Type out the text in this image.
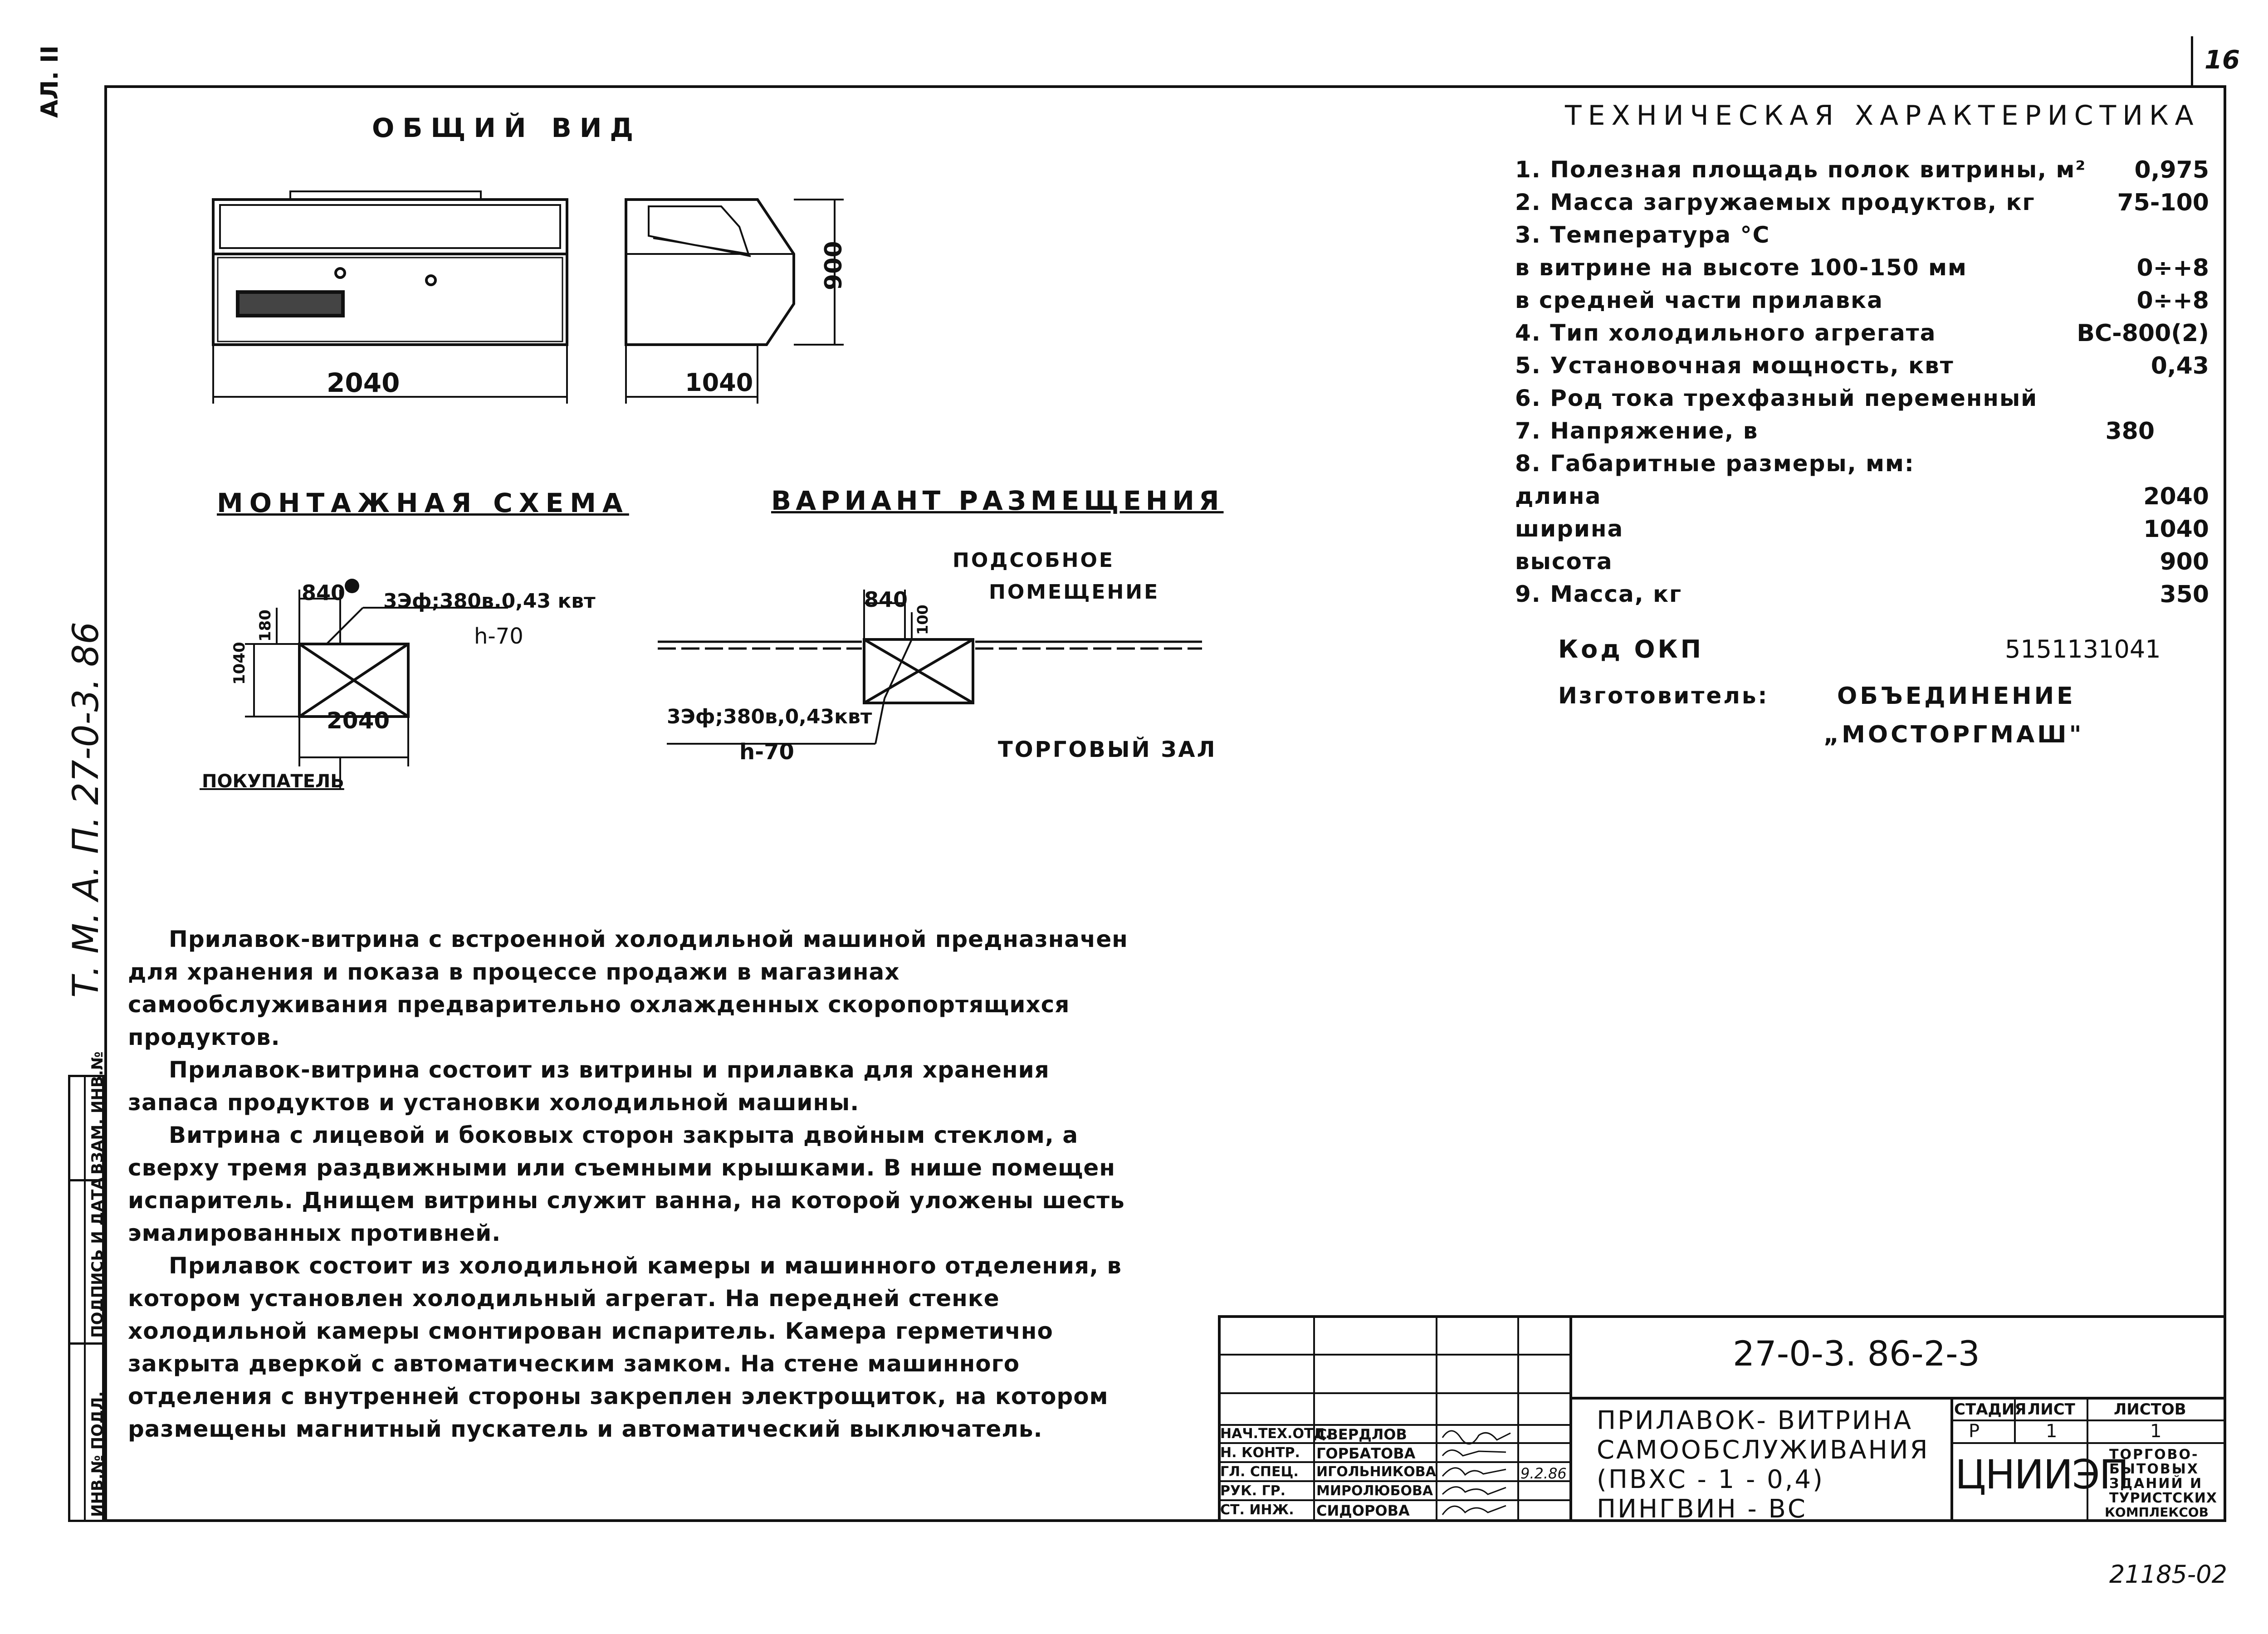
16
АЛ. II
Т. М. А. П. 27-0-3. 86
ВЗАМ. ИНВ.№
ПОДПИСЬ И ДАТА
ИНВ.№ ПОДЛ.
ОБЩИЙ ВИД
2040	1040
900
МОНТАЖНАЯ СХЕМА
840
180
1040
2040
3Эф;380в.0,43 квт
h-70
ПОКУПАТЕЛЬ
ВАРИАНТ РАЗМЕЩЕНИЯ
840
100
ПОДСОБНОЕ
ПОМЕЩЕНИЕ
3Эф;380в,0,43квт
h-70	ТОРГОВЫЙ ЗАЛ
ТЕХНИЧЕСКАЯ ХАРАКТЕРИСТИКА
1. Полезная площадь полок витрины, м² 0,975
2. Масса загружаемых продуктов, кг	75-100
3. Температура °С
в витрине на высоте 100-150 мм	0÷+8
в средней части прилавка	0÷+8
4. Тип холодильного агрегата	ВС-800(2)
5. Установочная мощность, квт	0,43
6. Род тока трехфазный переменный
7. Напряжение, в	380
8. Габаритные размеры, мм:
длина	2040
ширина	1040
высота	900
9. Масса, кг	350
Код ОКП	5151131041
Изготовитель:	ОБЪЕДИНЕНИЕ
„МОСТОРГМАШ"

Прилавок-витрина с встроенной холодильной машиной предназначен для хранения и показа в процессе продажи в магазинах самообслуживания предварительно охлажденных скоропортящихся продуктов.

Прилавок-витрина состоит из витрины и прилавка для хранения запаса продуктов и установки холодильной машины.

Витрина с лицевой и боковых сторон закрыта двойным стеклом, а сверху тремя раздвижными или съемными крышками. В нише помещен испаритель. Днищем витрины служит ванна, на которой уложены шесть эмалированных противней.

Прилавок состоит из холодильной камеры и машинного отделения, в котором установлен холодильный агрегат. На передней стенке холодильной камеры смонтирован испаритель. Камера герметично закрыта дверкой с автоматическим замком. На стене машинного отделения с внутренней стороны закреплен электрощиток, на котором размещены магнитный пускатель и автоматический выключатель.

27-0-3. 86-2-3
ПРИЛАВОК- ВИТРИНА
САМООБСЛУЖИВАНИЯ
(ПВХС - 1 - 0,4)
ПИНГВИН - ВС
СТАДИЯ ЛИСТ	ЛИСТОВ
Р	1	1
ЦНИИЭП
ТОРГОВО-
БЫТОВЫХ
ЗДАНИЙ И
ТУРИСТСКИХ
КОМПЛЕКСОВ
НАЧ.ТЕХ.ОТД.
СВЕРДЛОВ
Н. КОНТР. ГОРБАТОВА
ГЛ. СПЕЦ. ИГОЛЬНИКОВА
РУК. ГР. МИРОЛЮБОВА
СТ. ИНЖ. СИДОРОВА
9.2.86
21185-02
